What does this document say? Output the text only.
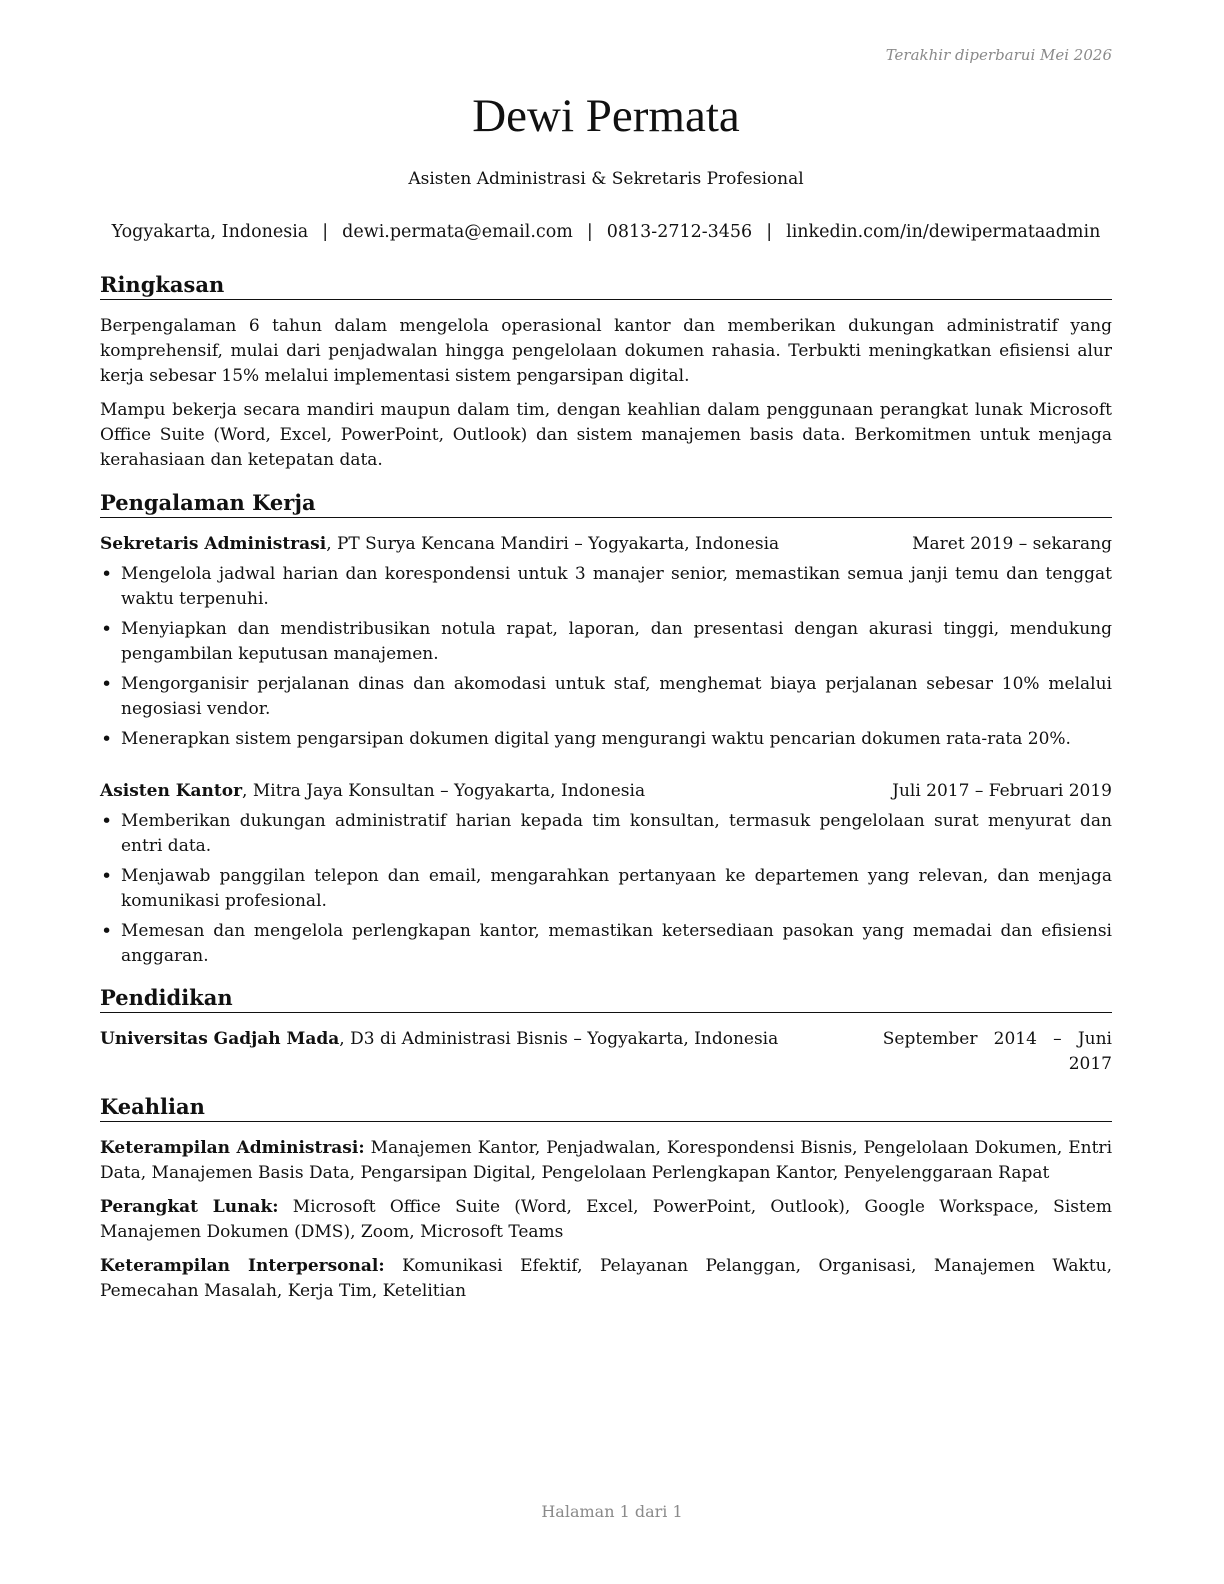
Terakhir diperbarui Mei 2026
Dewi Permata
Asisten Administrasi & Sekretaris Profesional
Yogyakarta, Indonesia | dewi.permata@email.com | 0813-2712-3456 | linkedin.com/in/dewipermataadmin
Ringkasan

Berpengalaman 6 tahun dalam mengelola operasional kantor dan memberikan dukungan administratif yang komprehensif, mulai dari penjadwalan hingga pengelolaan dokumen rahasia. Terbukti meningkatkan efisiensi alur kerja sebesar 15% melalui implementasi sistem pengarsipan digital.

Mampu bekerja secara mandiri maupun dalam tim, dengan keahlian dalam penggunaan perangkat lunak Microsoft Office Suite (Word, Excel, PowerPoint, Outlook) dan sistem manajemen basis data. Berkomitmen untuk menjaga kerahasiaan dan ketepatan data.

Pengalaman Kerja
Sekretaris Administrasi, PT Surya Kencana Mandiri – Yogyakarta, Indonesia	Maret 2019 – sekarang
• Mengelola jadwal harian dan korespondensi untuk 3 manajer senior, memastikan semua janji temu dan tenggat waktu terpenuhi.
• Menyiapkan dan mendistribusikan notula rapat, laporan, dan presentasi dengan akurasi tinggi, mendukung pengambilan keputusan manajemen.
• Mengorganisir perjalanan dinas dan akomodasi untuk staf, menghemat biaya perjalanan sebesar 10% melalui negosiasi vendor.
• Menerapkan sistem pengarsipan dokumen digital yang mengurangi waktu pencarian dokumen rata-rata 20%.
Asisten Kantor, Mitra Jaya Konsultan – Yogyakarta, Indonesia	Juli 2017 – Februari 2019
• Memberikan dukungan administratif harian kepada tim konsultan, termasuk pengelolaan surat menyurat dan entri data.
• Menjawab panggilan telepon dan email, mengarahkan pertanyaan ke departemen yang relevan, dan menjaga komunikasi profesional.
• Memesan dan mengelola perlengkapan kantor, memastikan ketersediaan pasokan yang memadai dan efisiensi anggaran.
Pendidikan
Universitas Gadjah Mada, D3 di Administrasi Bisnis – Yogyakarta, Indonesia	September   2014   –   Juni
2017
Keahlian

Keterampilan Administrasi: Manajemen Kantor, Penjadwalan, Korespondensi Bisnis, Pengelolaan Dokumen, Entri Data, Manajemen Basis Data, Pengarsipan Digital, Pengelolaan Perlengkapan Kantor, Penyelenggaraan Rapat

Perangkat Lunak: Microsoft Office Suite (Word, Excel, PowerPoint, Outlook), Google Workspace, Sistem Manajemen Dokumen (DMS), Zoom, Microsoft Teams

Keterampilan Interpersonal: Komunikasi Efektif, Pelayanan Pelanggan, Organisasi, Manajemen Waktu, Pemecahan Masalah, Kerja Tim, Ketelitian

Halaman 1 dari 1
